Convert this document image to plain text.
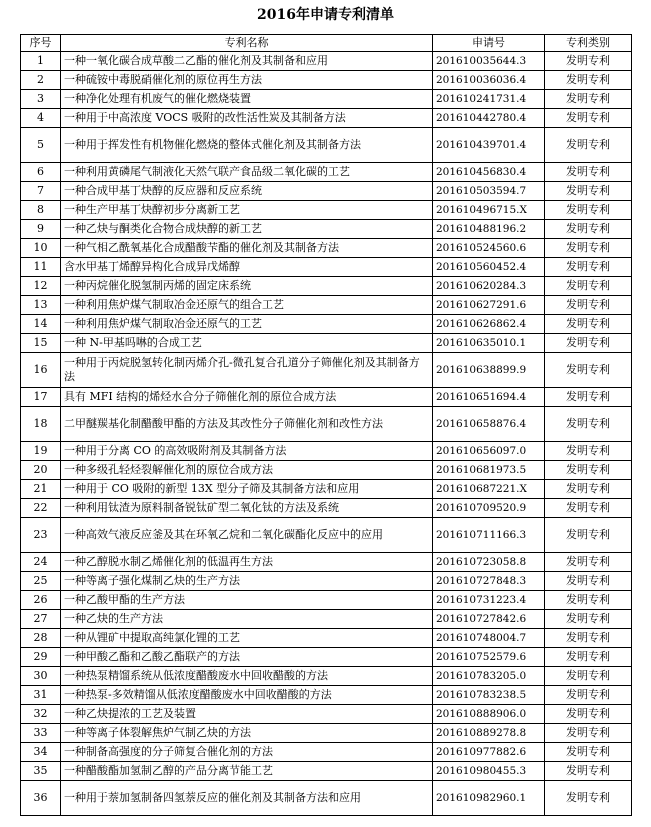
2016年申请专利清单
序号	专利名称	申请号	专利类别
1	一种一氧化碳合成草酸二乙酯的催化剂及其制备和应用	201610035644.3	发明专利
2	一种硫铵中毒脱硝催化剂的原位再生方法	201610036036.4	发明专利
3	一种净化处理有机废气的催化燃烧装置	201610241731.4	发明专利
4	一种用于中高浓度 VOCS 吸附的改性活性炭及其制备方法	201610442780.4	发明专利
5	一种用于挥发性有机物催化燃烧的整体式催化剂及其制备方法	201610439701.4	发明专利
6	一种利用黄磷尾气制液化天然气联产食品级二氧化碳的工艺	201610456830.4	发明专利
7	一种合成甲基丁炔醇的反应器和反应系统	201610503594.7	发明专利
8	一种生产甲基丁炔醇初步分离新工艺	201610496715.X	发明专利
9	一种乙炔与酮类化合物合成炔醇的新工艺	201610488196.2	发明专利
10	一种气相乙酰氧基化合成醋酸芐酯的催化剂及其制备方法	201610524560.6	发明专利
11	含水甲基丁烯醇异构化合成异戊烯醇	201610560452.4	发明专利
12	一种丙烷催化脱氢制丙烯的固定床系统	201610620284.3	发明专利
13	一种利用焦炉煤气制取冶金还原气的组合工艺	201610627291.6	发明专利
14	一种利用焦炉煤气制取冶金还原气的工艺	201610626862.4	发明专利
15	一种 N-甲基吗啉的合成工艺	201610635010.1	发明专利
16	一种用于丙烷脱氢转化制丙烯介孔-微孔复合孔道分子筛催化剂及其制备方法	201610638899.9	发明专利
17	具有 MFI 结构的烯烃水合分子筛催化剂的原位合成方法	201610651694.4	发明专利
18	二甲醚羰基化制醋酸甲酯的方法及其改性分子筛催化剂和改性方法	201610658876.4	发明专利
19	一种用于分离 CO 的高效吸附剂及其制备方法	201610656097.0	发明专利
20	一种多级孔轻烃裂解催化剂的原位合成方法	201610681973.5	发明专利
21	一种用于 CO 吸附的新型 13X 型分子筛及其制备方法和应用	201610687221.X	发明专利
22	一种利用钛渣为原料制备锐钛矿型二氧化钛的方法及系统	201610709520.9	发明专利
23	一种高效气液反应釜及其在环氧乙烷和二氧化碳酯化反应中的应用	201610711166.3	发明专利
24	一种乙醇脱水制乙烯催化剂的低温再生方法	201610723058.8	发明专利
25	一种等离子强化煤制乙炔的生产方法	201610727848.3	发明专利
26	一种乙酸甲酯的生产方法	201610731223.4	发明专利
27	一种乙炔的生产方法	201610727842.6	发明专利
28	一种从锂矿中提取高纯氯化锂的工艺	201610748004.7	发明专利
29	一种甲酸乙酯和乙酸乙酯联产的方法	201610752579.6	发明专利
30	一种热泵精馏系统从低浓度醋酸废水中回收醋酸的方法	201610783205.0	发明专利
31	一种热泵-多效精馏从低浓度醋酸废水中回收醋酸的方法	201610783238.5	发明专利
32	一种乙炔提浓的工艺及装置	201610888906.0	发明专利
33	一种等离子体裂解焦炉气制乙炔的方法	201610889278.8	发明专利
34	一种制备高强度的分子筛复合催化剂的方法	201610977882.6	发明专利
35	一种醋酸酯加氢制乙醇的产品分离节能工艺	201610980455.3	发明专利
36	一种用于萘加氢制备四氢萘反应的催化剂及其制备方法和应用	201610982960.1	发明专利
